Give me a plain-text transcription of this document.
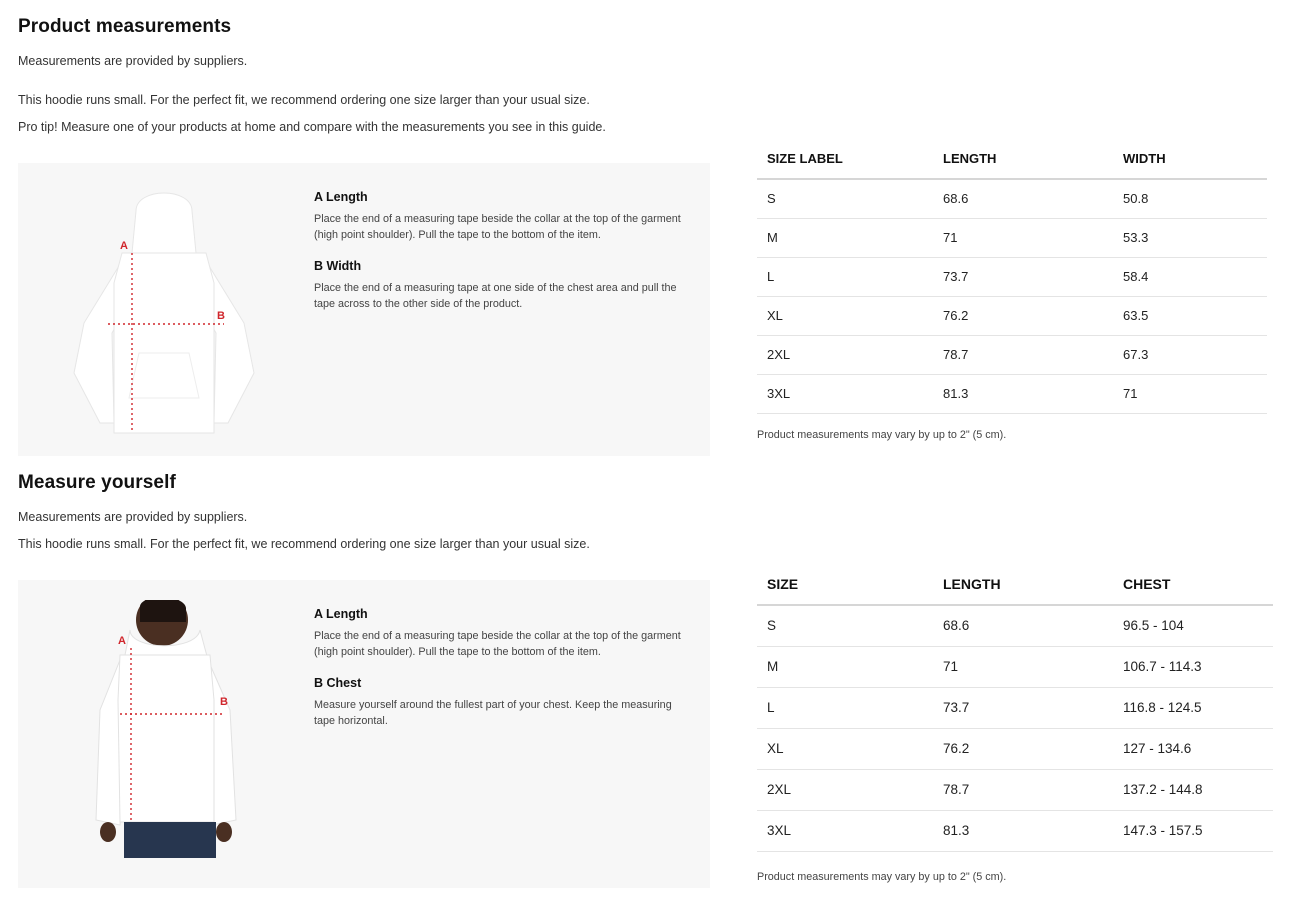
Product measurements

Measurements are provided by suppliers.

This hoodie runs small. For the perfect fit, we recommend ordering one size larger than your usual size.

Pro tip! Measure one of your products at home and compare with the measurements you see in this guide.

A
B
A Length
Place the end of a measuring tape beside the collar at the top of the garment (high point shoulder). Pull the tape to the bottom of the item.
B Width
Place the end of a measuring tape at one side of the chest area and pull the tape across to the other side of the product.
SIZE LABEL	LENGTH	WIDTH
S	68.6	50.8
M	71	53.3
L	73.7	58.4
XL	76.2	63.5
2XL	78.7	67.3
3XL	81.3	71
Product measurements may vary by up to 2" (5 cm).
Measure yourself

Measurements are provided by suppliers.

This hoodie runs small. For the perfect fit, we recommend ordering one size larger than your usual size.

A
B
A Length
Place the end of a measuring tape beside the collar at the top of the garment (high point shoulder). Pull the tape to the bottom of the item.
B Chest
Measure yourself around the fullest part of your chest. Keep the measuring tape horizontal.
SIZE	LENGTH	CHEST
S	68.6	96.5 - 104
M	71	106.7 - 114.3
L	73.7	116.8 - 124.5
XL	76.2	127 - 134.6
2XL	78.7	137.2 - 144.8
3XL	81.3	147.3 - 157.5
Product measurements may vary by up to 2" (5 cm).
